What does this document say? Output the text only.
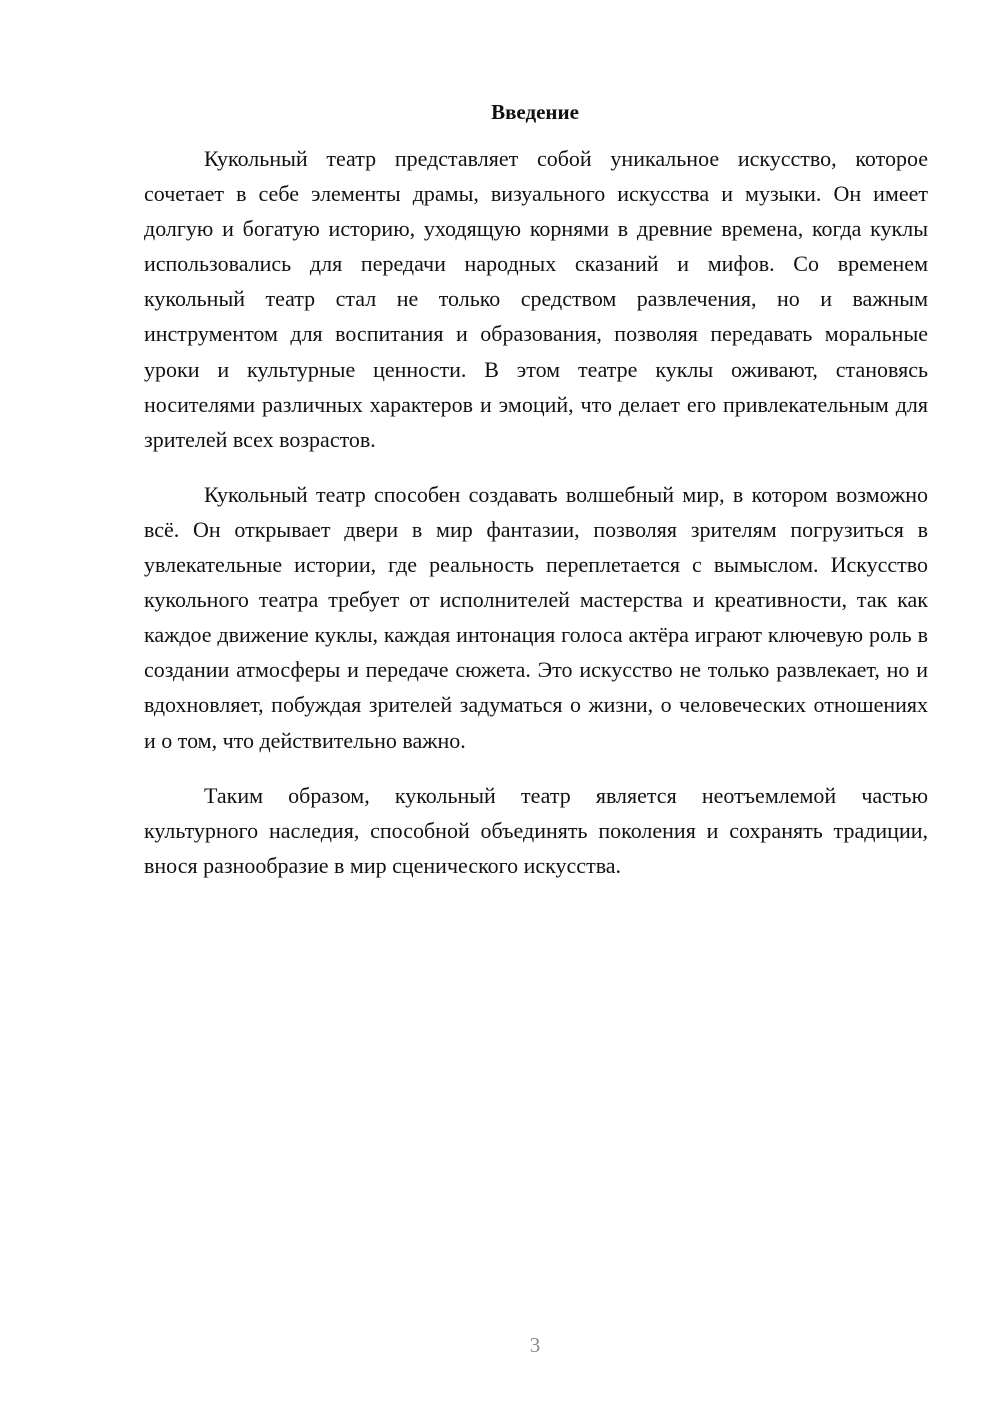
Введение

Кукольный театр представляет собой уникальное искусство, которое сочетает в себе элементы драмы, визуального искусства и музыки. Он имеет долгую и богатую историю, уходящую корнями в древние времена, когда куклы использовались для передачи народных сказаний и мифов. Со временем кукольный театр стал не только средством развлечения, но и важным инструментом для воспитания и образования, позволяя передавать моральные уроки и культурные ценности. В этом театре куклы оживают, становясь носителями различных характеров и эмоций, что делает его привлекательным для зрителей всех возрастов.

Кукольный театр способен создавать волшебный мир, в котором возможно всё. Он открывает двери в мир фантазии, позволяя зрителям погрузиться в увлекательные истории, где реальность переплетается с вымыслом. Искусство кукольного театра требует от исполнителей мастерства и креативности, так как каждое движение куклы, каждая интонация голоса актёра играют ключевую роль в создании атмосферы и передаче сюжета. Это искусство не только развлекает, но и вдохновляет, побуждая зрителей задуматься о жизни, о человеческих отношениях и о том, что действительно важно.

Таким образом, кукольный театр является неотъемлемой частью культурного наследия, способной объединять поколения и сохранять традиции, внося разнообразие в мир сценического искусства.

3
